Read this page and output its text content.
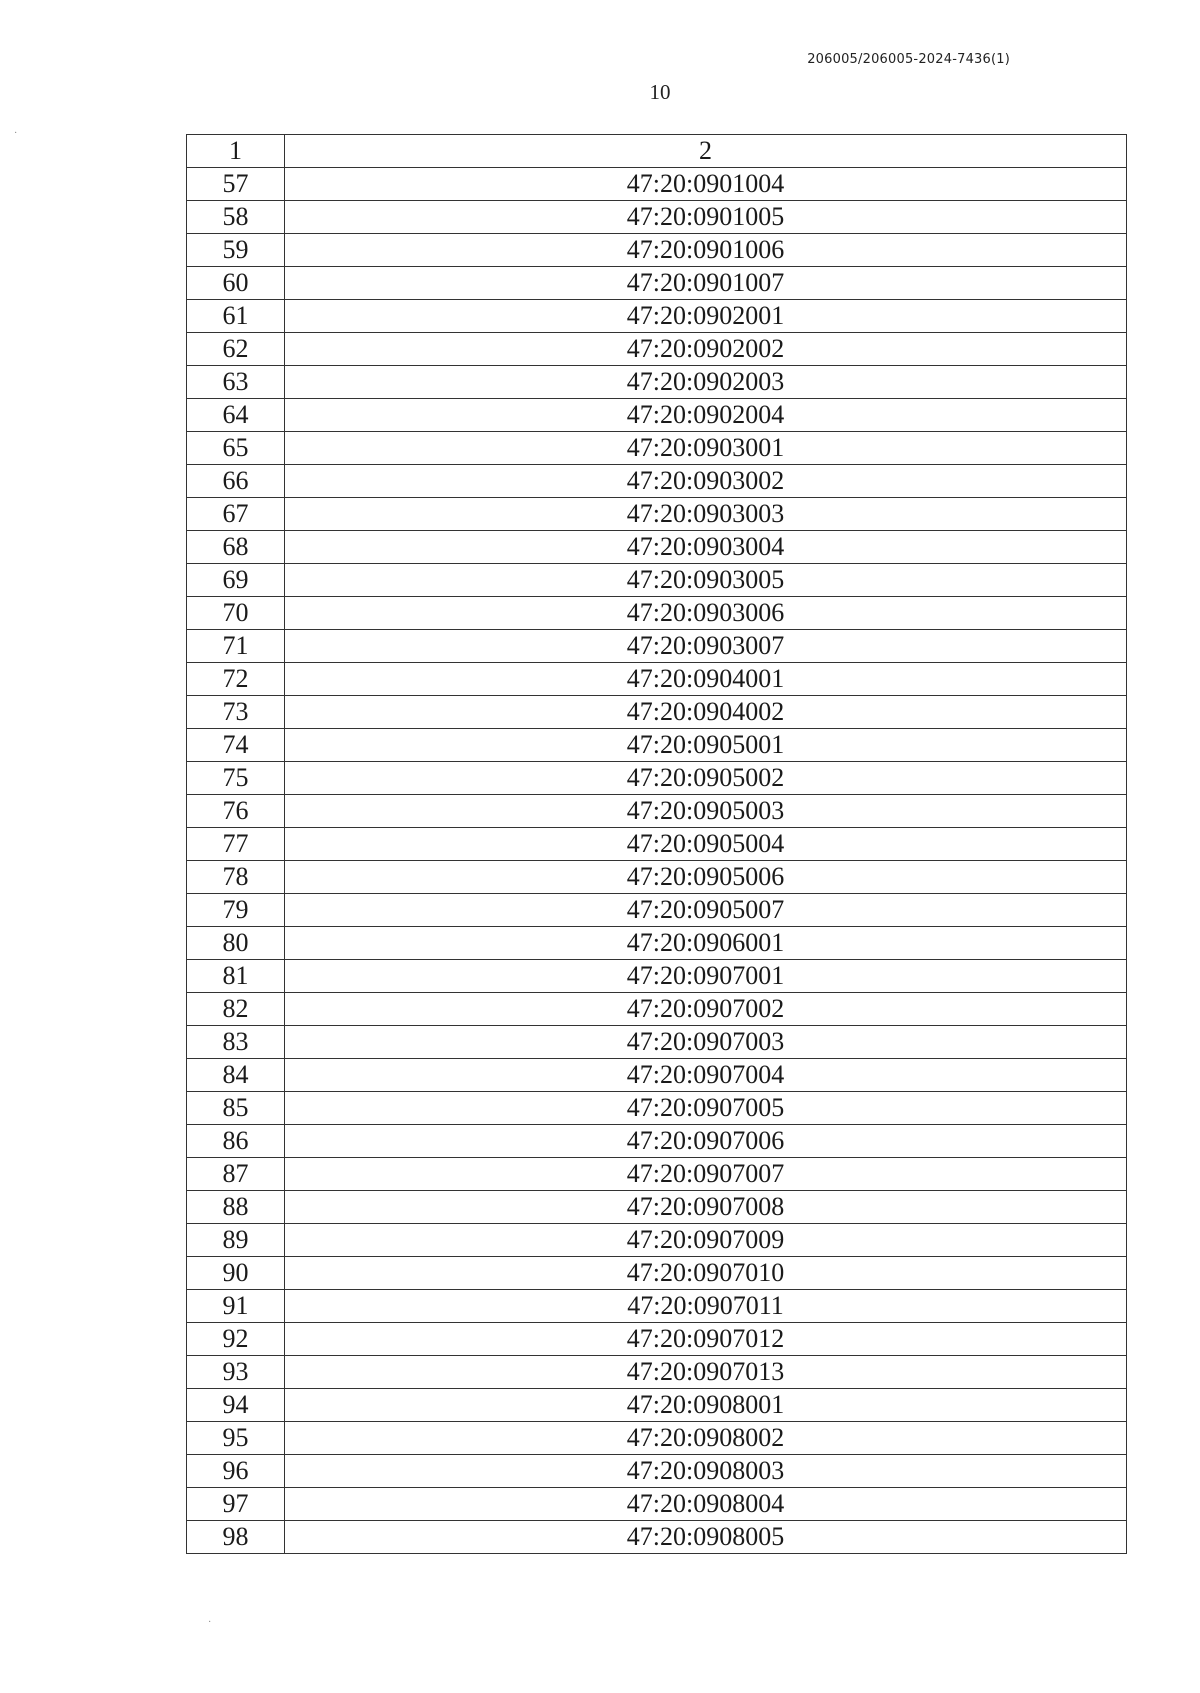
206005/206005-2024-7436(1)
10
1	2
57	47:20:0901004
58	47:20:0901005
59	47:20:0901006
60	47:20:0901007
61	47:20:0902001
62	47:20:0902002
63	47:20:0902003
64	47:20:0902004
65	47:20:0903001
66	47:20:0903002
67	47:20:0903003
68	47:20:0903004
69	47:20:0903005
70	47:20:0903006
71	47:20:0903007
72	47:20:0904001
73	47:20:0904002
74	47:20:0905001
75	47:20:0905002
76	47:20:0905003
77	47:20:0905004
78	47:20:0905006
79	47:20:0905007
80	47:20:0906001
81	47:20:0907001
82	47:20:0907002
83	47:20:0907003
84	47:20:0907004
85	47:20:0907005
86	47:20:0907006
87	47:20:0907007
88	47:20:0907008
89	47:20:0907009
90	47:20:0907010
91	47:20:0907011
92	47:20:0907012
93	47:20:0907013
94	47:20:0908001
95	47:20:0908002
96	47:20:0908003
97	47:20:0908004
98	47:20:0908005
·
·
